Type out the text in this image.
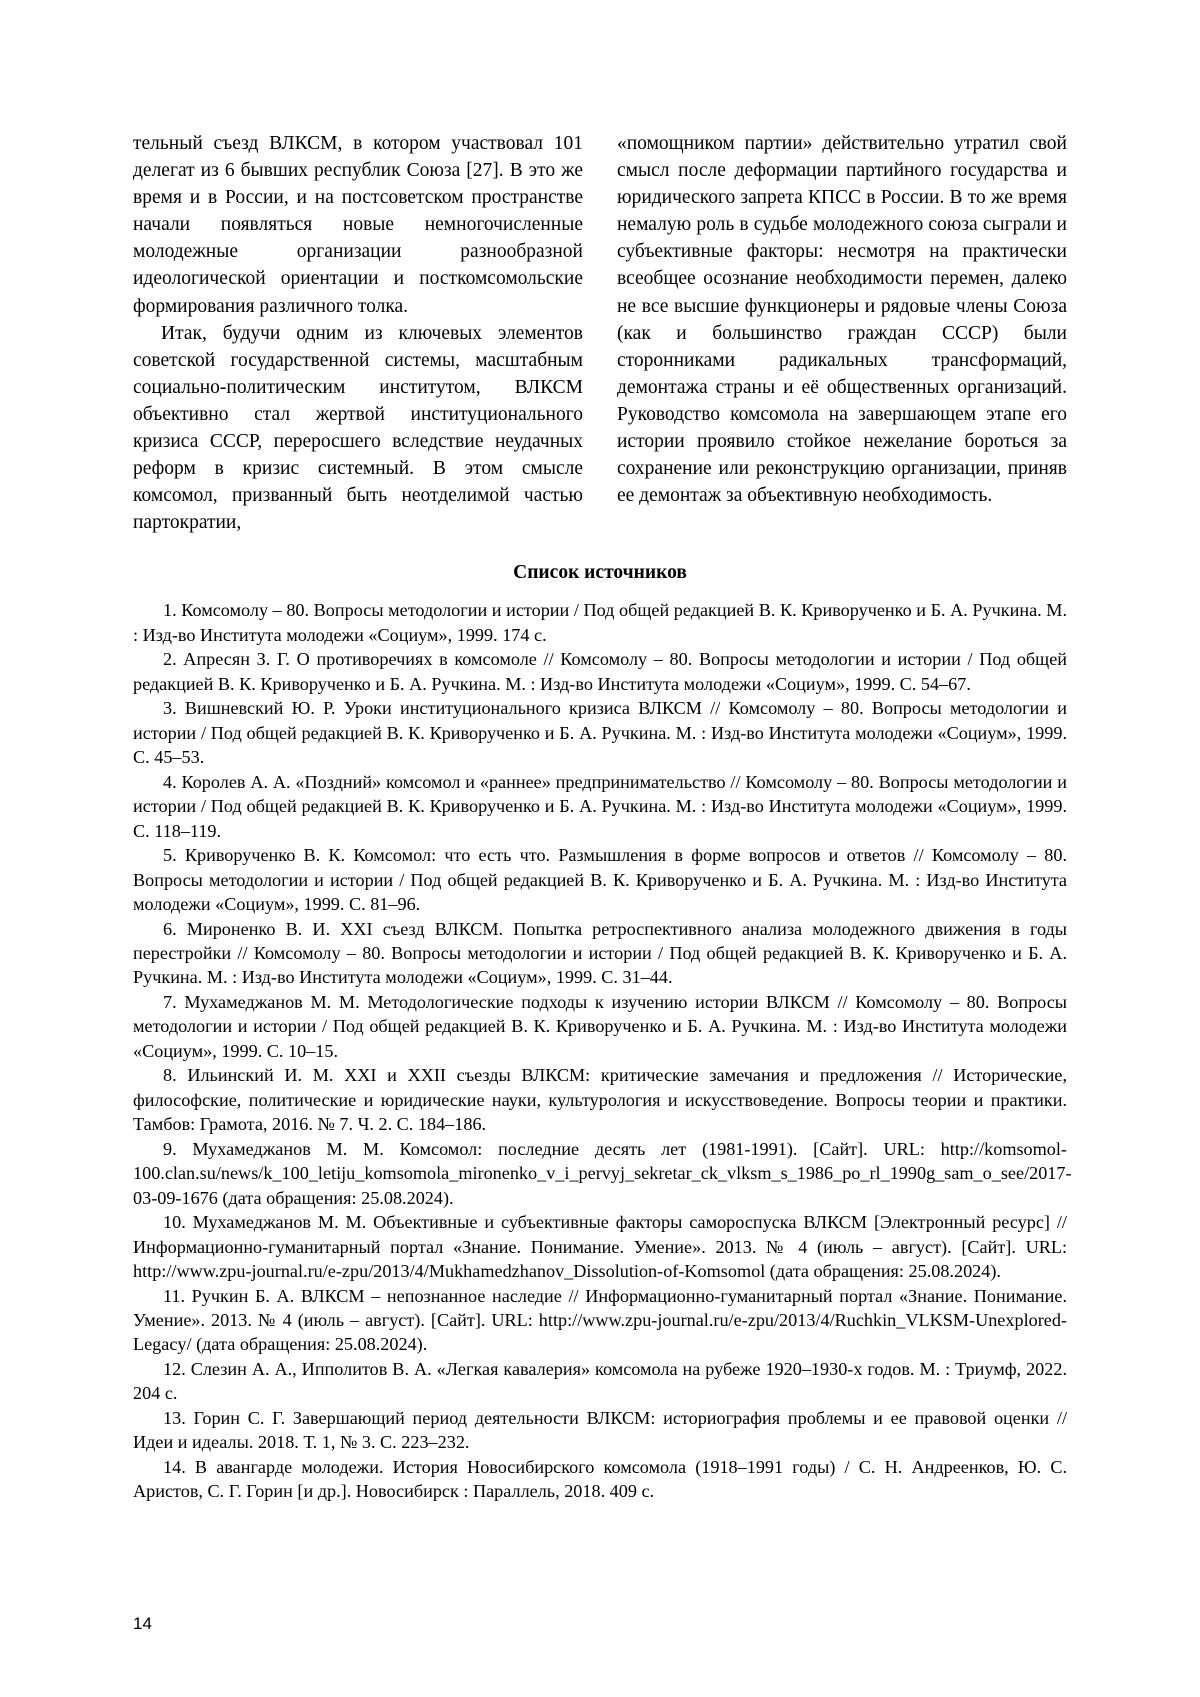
тельный съезд ВЛКСМ, в котором участвовал 101 делегат из 6 бывших республик Союза [27]. В это же время и в России, и на постсоветском пространстве начали появляться новые немногочисленные молодежные организации разнообразной идеологической ориентации и посткомсомольские формирования различного толка.

Итак, будучи одним из ключевых элементов советской государственной системы, масштабным социально-политическим институтом, ВЛКСМ объективно стал жертвой институционального кризиса СССР, переросшего вследствие неудачных реформ в кризис системный. В этом смысле комсомол, призванный быть неотделимой частью партократии,

«помощником партии» действительно утратил свой смысл после деформации партийного государства и юридического запрета КПСС в России. В то же время немалую роль в судьбе молодежного союза сыграли и субъективные факторы: несмотря на практически всеобщее осознание необходимости перемен, далеко не все высшие функционеры и рядовые члены Союза (как и большинство граждан СССР) были сторонниками радикальных трансформаций, демонтажа страны и её общественных организаций. Руководство комсомола на завершающем этапе его истории проявило стойкое нежелание бороться за сохранение или реконструкцию организации, приняв ее демонтаж за объективную необходимость.

Список источников

1. Комсомолу – 80. Вопросы методологии и истории / Под общей редакцией В. К. Криворученко и Б. А. Ручкина. М. : Изд-во Института молодежи «Социум», 1999. 174 с.

2. Апресян З. Г. О противоречиях в комсомоле // Комсомолу – 80. Вопросы методологии и истории / Под общей редакцией В. К. Криворученко и Б. А. Ручкина. М. : Изд-во Института молодежи «Социум», 1999. С. 54–67.

3. Вишневский Ю. Р. Уроки институционального кризиса ВЛКСМ // Комсомолу – 80. Вопросы методологии и истории / Под общей редакцией В. К. Криворученко и Б. А. Ручкина. М. : Изд-во Института молодежи «Социум», 1999. С. 45–53.

4. Королев А. А. «Поздний» комсомол и «раннее» предпринимательство // Комсомолу – 80. Вопросы методологии и истории / Под общей редакцией В. К. Криворученко и Б. А. Ручкина. М. : Изд-во Института молодежи «Социум», 1999. С. 118–119.

5. Криворученко В. К. Комсомол: что есть что. Размышления в форме вопросов и ответов // Комсомолу – 80. Вопросы методологии и истории / Под общей редакцией В. К. Криворученко и Б. А. Ручкина. М. : Изд-во Института молодежи «Социум», 1999. С. 81–96.

6. Мироненко В. И. XXI съезд ВЛКСМ. Попытка ретроспективного анализа молодежного движения в годы перестройки // Комсомолу – 80. Вопросы методологии и истории / Под общей редакцией В. К. Криворученко и Б. А. Ручкина. М. : Изд-во Института молодежи «Социум», 1999. С. 31–44.

7. Мухамеджанов М. М. Методологические подходы к изучению истории ВЛКСМ // Комсомолу – 80. Вопросы методологии и истории / Под общей редакцией В. К. Криворученко и Б. А. Ручкина. М. : Изд-во Института молодежи «Социум», 1999. С. 10–15.

8. Ильинский И. М. XXI и XXII съезды ВЛКСМ: критические замечания и предложения // Исторические, философские, политические и юридические науки, культурология и искусствоведение. Вопросы теории и практики. Тамбов: Грамота, 2016. № 7. Ч. 2. С. 184–186.

9. Мухамеджанов М. М. Комсомол: последние десять лет (1981-1991). [Сайт]. URL: http://komsomol-100.clan.su/news/k_100_letiju_komsomola_mironenko_v_i_pervyj_sekretar_ck_vlksm_s_1986_po_rl_1990g_sam_o_see/2017-03-09-1676 (дата обращения: 25.08.2024).

10. Мухамеджанов М. М. Объективные и субъективные факторы самороспуска ВЛКСМ [Электронный ресурс] // Информационно-гуманитарный портал «Знание. Понимание. Умение». 2013. № 4 (июль – август). [Сайт]. URL: http://www.zpu-journal.ru/e-zpu/2013/4/Mukhamedzhanov_Dissolution-of-Komsomol (дата обращения: 25.08.2024).

11. Ручкин Б. А. ВЛКСМ – непознанное наследие // Информационно-гуманитарный портал «Знание. Понимание. Умение». 2013. № 4 (июль – август). [Сайт]. URL: http://www.zpu-journal.ru/e-zpu/2013/4/Ruchkin_VLKSM-Unexplored-Legacy/ (дата обращения: 25.08.2024).

12. Слезин А. А., Ипполитов В. А. «Легкая кавалерия» комсомола на рубеже 1920–1930-х годов. М. : Триумф, 2022. 204 с.

13. Горин С. Г. Завершающий период деятельности ВЛКСМ: историография проблемы и ее правовой оценки // Идеи и идеалы. 2018. Т. 1, № 3. С. 223–232.

14. В авангарде молодежи. История Новосибирского комсомола (1918–1991 годы) / С. Н. Андреенков, Ю. С. Аристов, С. Г. Горин [и др.]. Новосибирск : Параллель, 2018. 409 с.

14
